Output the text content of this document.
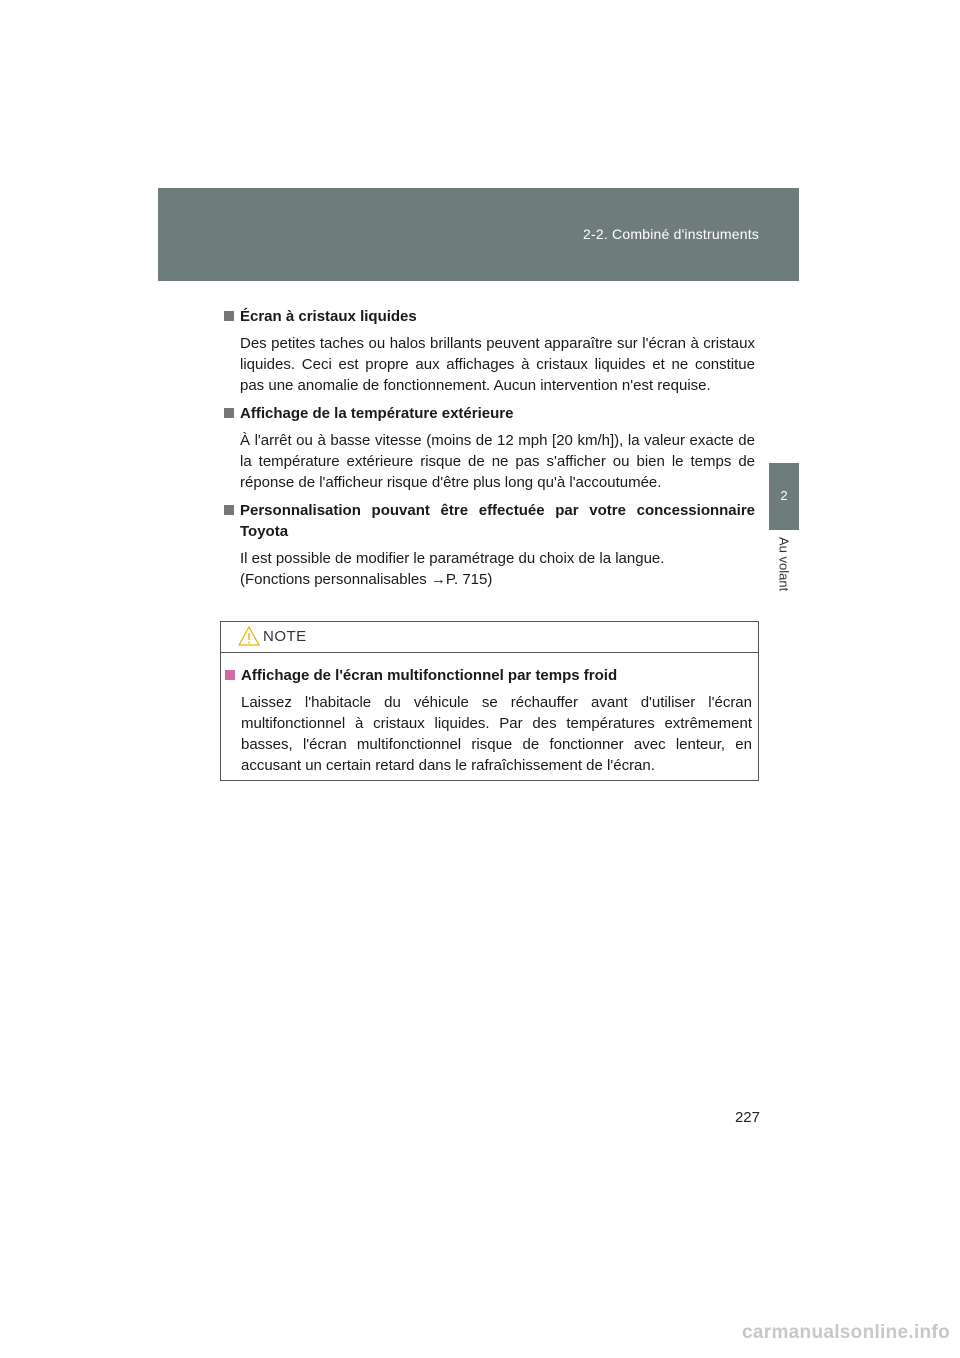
2-2. Combiné d'instruments
2
Au volant
Écran à cristaux liquides
Des petites taches ou halos brillants peuvent apparaître sur l'écran à cristaux liquides. Ceci est propre aux affichages à cristaux liquides et ne constitue pas une anomalie de fonctionnement. Aucun intervention n'est requise.
Affichage de la température extérieure
À l'arrêt ou à basse vitesse (moins de 12 mph [20 km/h]), la valeur exacte de la température extérieure risque de ne pas s'afficher ou bien le temps de réponse de l'afficheur risque d'être plus long qu'à l'accoutumée.
Personnalisation pouvant être effectuée par votre concessionnaire Toyota
Il est possible de modifier le paramétrage du choix de la langue.
(Fonctions personnalisables →P. 715)
NOTE
Affichage de l'écran multifonctionnel par temps froid
Laissez l'habitacle du véhicule se réchauffer avant d'utiliser l'écran multifonctionnel à cristaux liquides. Par des températures extrêmement basses, l'écran multifonctionnel risque de fonctionner avec lenteur, en accusant un certain retard dans le rafraîchissement de l'écran.
227
carmanualsonline.info
